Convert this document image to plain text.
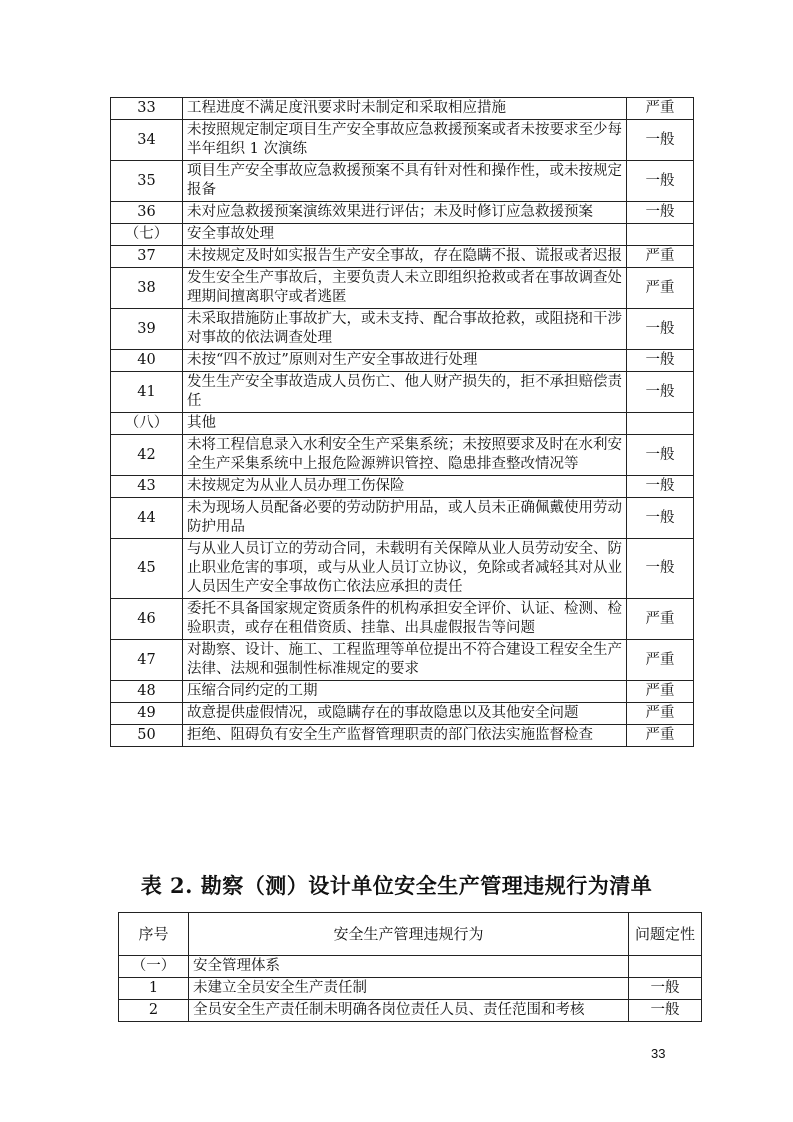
33	工程进度不满足度汛要求时未制定和采取相应措施	严重
34	未按照规定制定项目生产安全事故应急救援预案或者未按要求至少每半年组织 1 次演练	一般
35	项目生产安全事故应急救援预案不具有针对性和操作性，或未按规定报备	一般
36	未对应急救援预案演练效果进行评估；未及时修订应急救援预案	一般
（七）	安全事故处理	
37	未按规定及时如实报告生产安全事故，存在隐瞒不报、谎报或者迟报	严重
38	发生安全生产事故后，主要负责人未立即组织抢救或者在事故调查处理期间擅离职守或者逃匿	严重
39	未采取措施防止事故扩大，或未支持、配合事故抢救，或阻挠和干涉对事故的依法调查处理	一般
40	未按“四不放过”原则对生产安全事故进行处理	一般
41	发生生产安全事故造成人员伤亡、他人财产损失的，拒不承担赔偿责任	一般
（八）	其他	
42	未将工程信息录入水利安全生产采集系统；未按照要求及时在水利安全生产采集系统中上报危险源辨识管控、隐患排查整改情况等	一般
43	未按规定为从业人员办理工伤保险	一般
44	未为现场人员配备必要的劳动防护用品，或人员未正确佩戴使用劳动防护用品	一般
45	与从业人员订立的劳动合同，未载明有关保障从业人员劳动安全、防止职业危害的事项，或与从业人员订立协议，免除或者减轻其对从业人员因生产安全事故伤亡依法应承担的责任	一般
46	委托不具备国家规定资质条件的机构承担安全评价、认证、检测、检验职责，或存在租借资质、挂靠、出具虚假报告等问题	严重
47	对勘察、设计、施工、工程监理等单位提出不符合建设工程安全生产法律、法规和强制性标准规定的要求	严重
48	压缩合同约定的工期	严重
49	故意提供虚假情况，或隐瞒存在的事故隐患以及其他安全问题	严重
50	拒绝、阻碍负有安全生产监督管理职责的部门依法实施监督检查	严重
表 2. 勘察（测）设计单位安全生产管理违规行为清单
序号	安全生产管理违规行为	问题定性
（一）	安全管理体系	
1	未建立全员安全生产责任制	一般
2	全员安全生产责任制未明确各岗位责任人员、责任范围和考核	一般
33
